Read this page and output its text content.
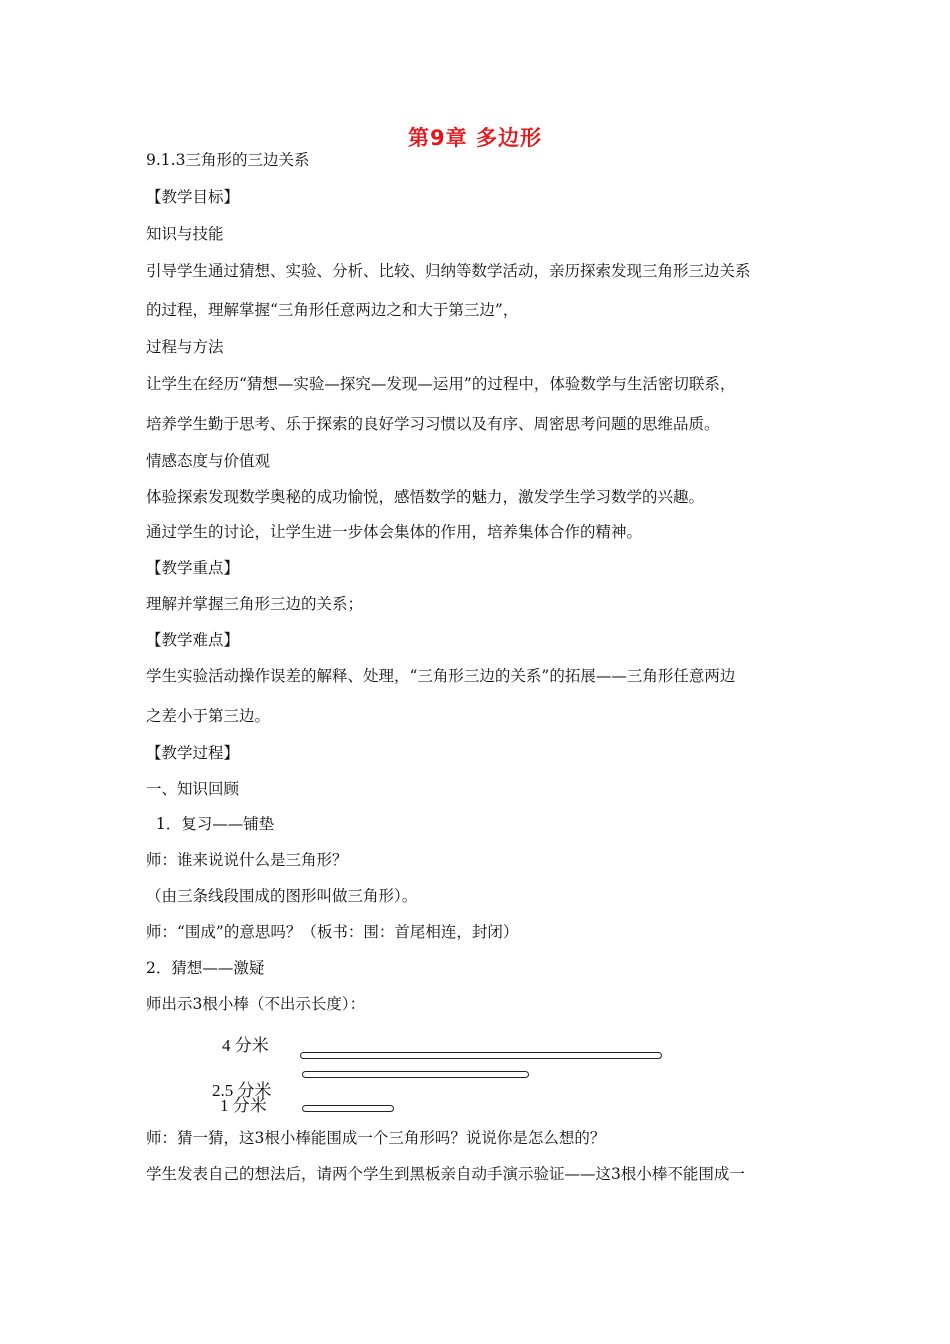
第9章 多边形

9.1.3三角形的三边关系

【教学目标】

知识与技能

引导学生通过猜想、实验、分析、比较、归纳等数学活动，亲历探索发现三角形三边关系

的过程，理解掌握“三角形任意两边之和大于第三边”，

过程与方法

让学生在经历“猜想—实验—探究—发现—运用”的过程中，体验数学与生活密切联系，

培养学生勤于思考、乐于探索的良好学习习惯以及有序、周密思考问题的思维品质。

情感态度与价值观

体验探索发现数学奥秘的成功愉悦，感悟数学的魅力，激发学生学习数学的兴趣。

通过学生的讨论，让学生进一步体会集体的作用，培养集体合作的精神。

【教学重点】

理解并掌握三角形三边的关系；

【教学难点】

学生实验活动操作误差的解释、处理，“三角形三边的关系”的拓展——三角形任意两边

之差小于第三边。

【教学过程】

一、知识回顾

1．复习——铺垫

师：谁来说说什么是三角形？

（由三条线段围成的图形叫做三角形）。

师：“围成”的意思吗？（板书：围：首尾相连，封闭）

2．猜想——激疑

师出示3根小棒（不出示长度）：

4 分米
2.5 分米
1 分米

师：猜一猜，这3根小棒能围成一个三角形吗？说说你是怎么想的？

学生发表自己的想法后，请两个学生到黑板亲自动手演示验证——这3根小棒不能围成一
